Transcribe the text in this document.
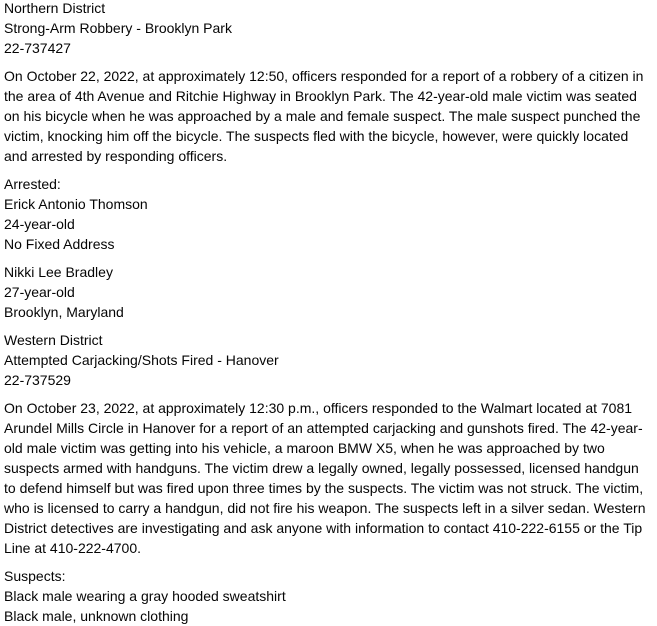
Northern District
Strong-Arm Robbery - Brooklyn Park
22-737427
On October 22, 2022, at approximately 12:50, officers responded for a report of a robbery of a citizen in the area of 4th Avenue and Ritchie Highway in Brooklyn Park. The 42-year-old male victim was seated on his bicycle when he was approached by a male and female suspect. The male suspect punched the victim, knocking him off the bicycle. The suspects fled with the bicycle, however, were quickly located and arrested by responding officers.
Arrested:
Erick Antonio Thomson
24-year-old
No Fixed Address
Nikki Lee Bradley
27-year-old
Brooklyn, Maryland
Western District
Attempted Carjacking/Shots Fired - Hanover
22-737529
On October 23, 2022, at approximately 12:30 p.m., officers responded to the Walmart located at 7081 Arundel Mills Circle in Hanover for a report of an attempted carjacking and gunshots fired. The 42-year-old male victim was getting into his vehicle, a maroon BMW X5, when he was approached by two suspects armed with handguns. The victim drew a legally owned, legally possessed, licensed handgun to defend himself but was fired upon three times by the suspects. The victim was not struck. The victim, who is licensed to carry a handgun, did not fire his weapon. The suspects left in a silver sedan. Western District detectives are investigating and ask anyone with information to contact 410-222-6155 or the Tip Line at 410-222-4700.
Suspects:
Black male wearing a gray hooded sweatshirt
Black male, unknown clothing
